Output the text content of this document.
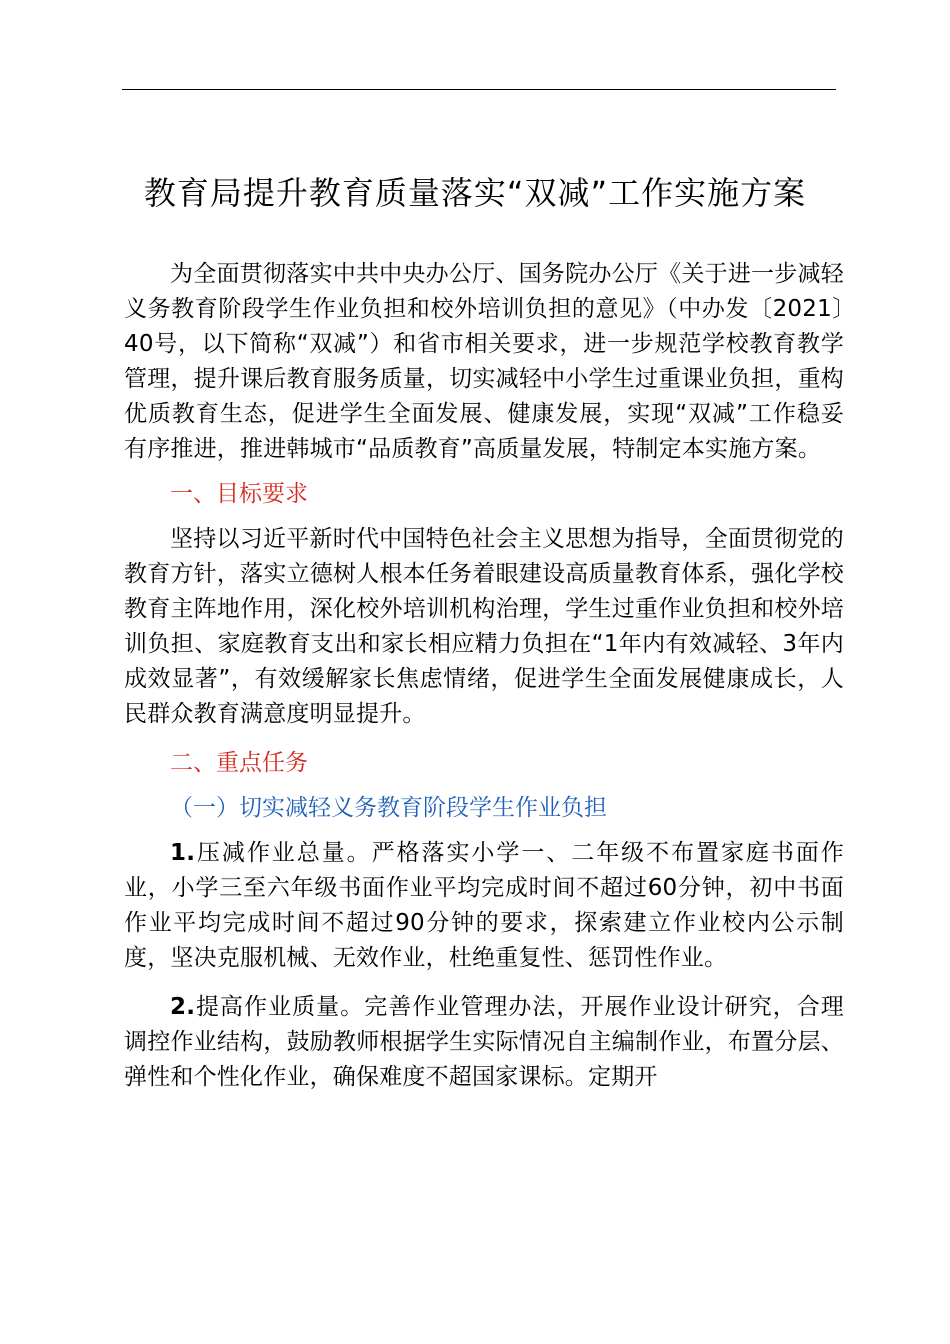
教育局提升教育质量落实“双减”工作实施方案

为全面贯彻落实中共中央办公厅、国务院办公厅《关于进一步减轻义务教育阶段学生作业负担和校外培训负担的意见》（中办发〔2021〕40号，以下简称“双减”）和省市相关要求，进一步规范学校教育教学管理，提升课后教育服务质量，切实减轻中小学生过重课业负担，重构优质教育生态，促进学生全面发展、健康发展，实现“双减”工作稳妥有序推进，推进韩城市“品质教育”高质量发展，特制定本实施方案。

一、目标要求

坚持以习近平新时代中国特色社会主义思想为指导，全面贯彻党的教育方针，落实立德树人根本任务着眼建设高质量教育体系，强化学校教育主阵地作用，深化校外培训机构治理，学生过重作业负担和校外培训负担、家庭教育支出和家长相应精力负担在“1年内有效减轻、3年内成效显著”，有效缓解家长焦虑情绪，促进学生全面发展健康成长，人民群众教育满意度明显提升。

二、重点任务

（一）切实减轻义务教育阶段学生作业负担

1.压减作业总量。严格落实小学一、二年级不布置家庭书面作业，小学三至六年级书面作业平均完成时间不超过60分钟，初中书面作业平均完成时间不超过90分钟的要求，探索建立作业校内公示制度，坚决克服机械、无效作业，杜绝重复性、惩罚性作业。

2.提高作业质量。完善作业管理办法，开展作业设计研究，合理调控作业结构，鼓励教师根据学生实际情况自主编制作业，布置分层、弹性和个性化作业，确保难度不超国家课标。定期开
